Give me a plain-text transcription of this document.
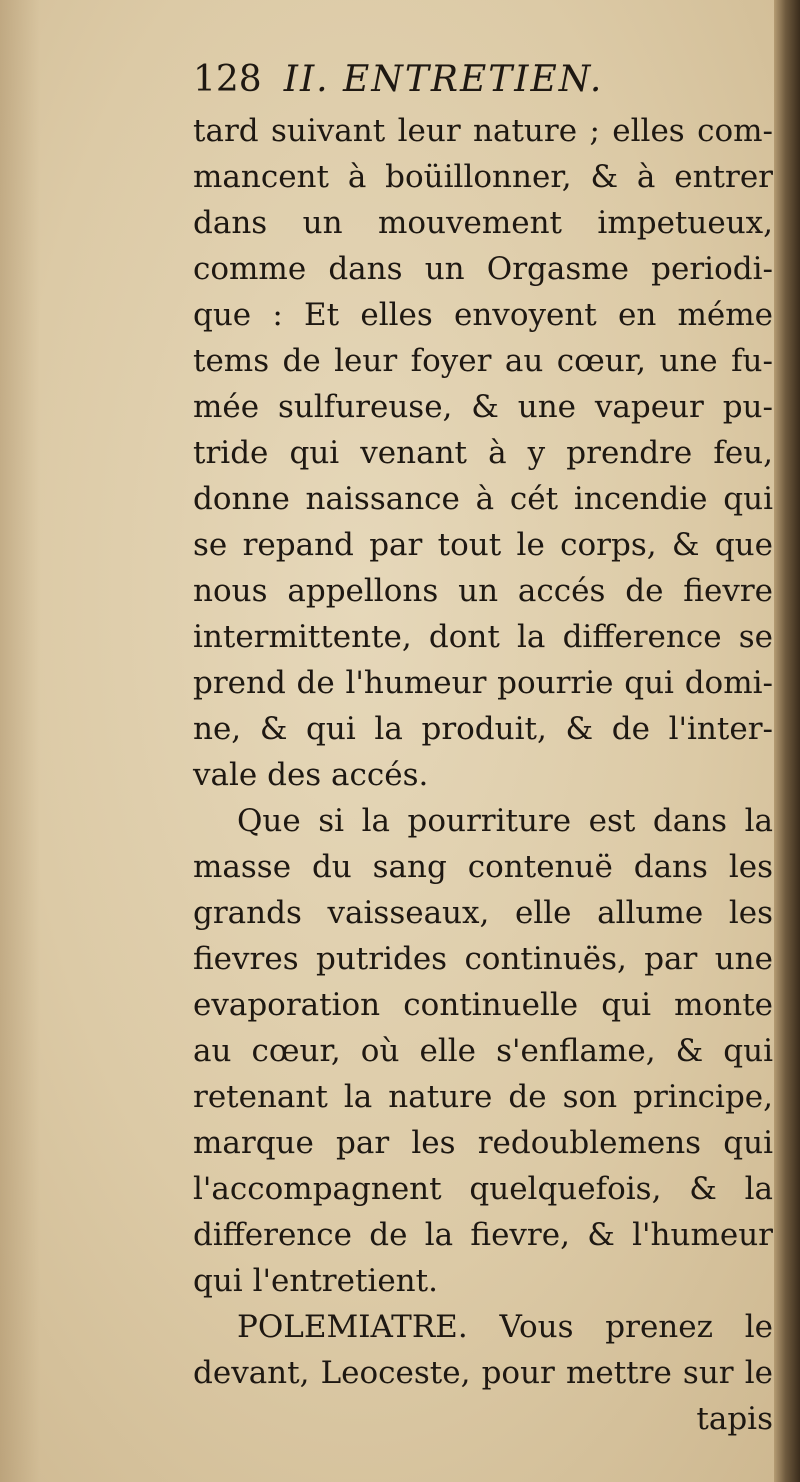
128 II. ENTRETIEN.
tard suivant leur nature ; elles com-
mancent à boüillonner, & à entrer
dans un mouvement impetueux,
comme dans un Orgasme periodi-
que : Et elles envoyent en méme
tems de leur foyer au cœur, une fu-
mée sulfureuse, & une vapeur pu-
tride qui venant à y prendre feu,
donne naissance à cét incendie qui
se repand par tout le corps, & que
nous appellons un accés de fievre
intermittente, dont la difference se
prend de l'humeur pourrie qui domi-
ne, & qui la produit, & de l'inter-
vale des accés.
Que si la pourriture est dans la
masse du sang contenuë dans les
grands vaisseaux, elle allume les
fievres putrides continuës, par une
evaporation continuelle qui monte
au cœur, où elle s'enflame, & qui
retenant la nature de son principe,
marque par les redoublemens qui
l'accompagnent quelquefois, & la
difference de la fievre, & l'humeur
qui l'entretient.
POLEMIATRE. Vous prenez le
devant, Leoceste, pour mettre sur le
tapis
